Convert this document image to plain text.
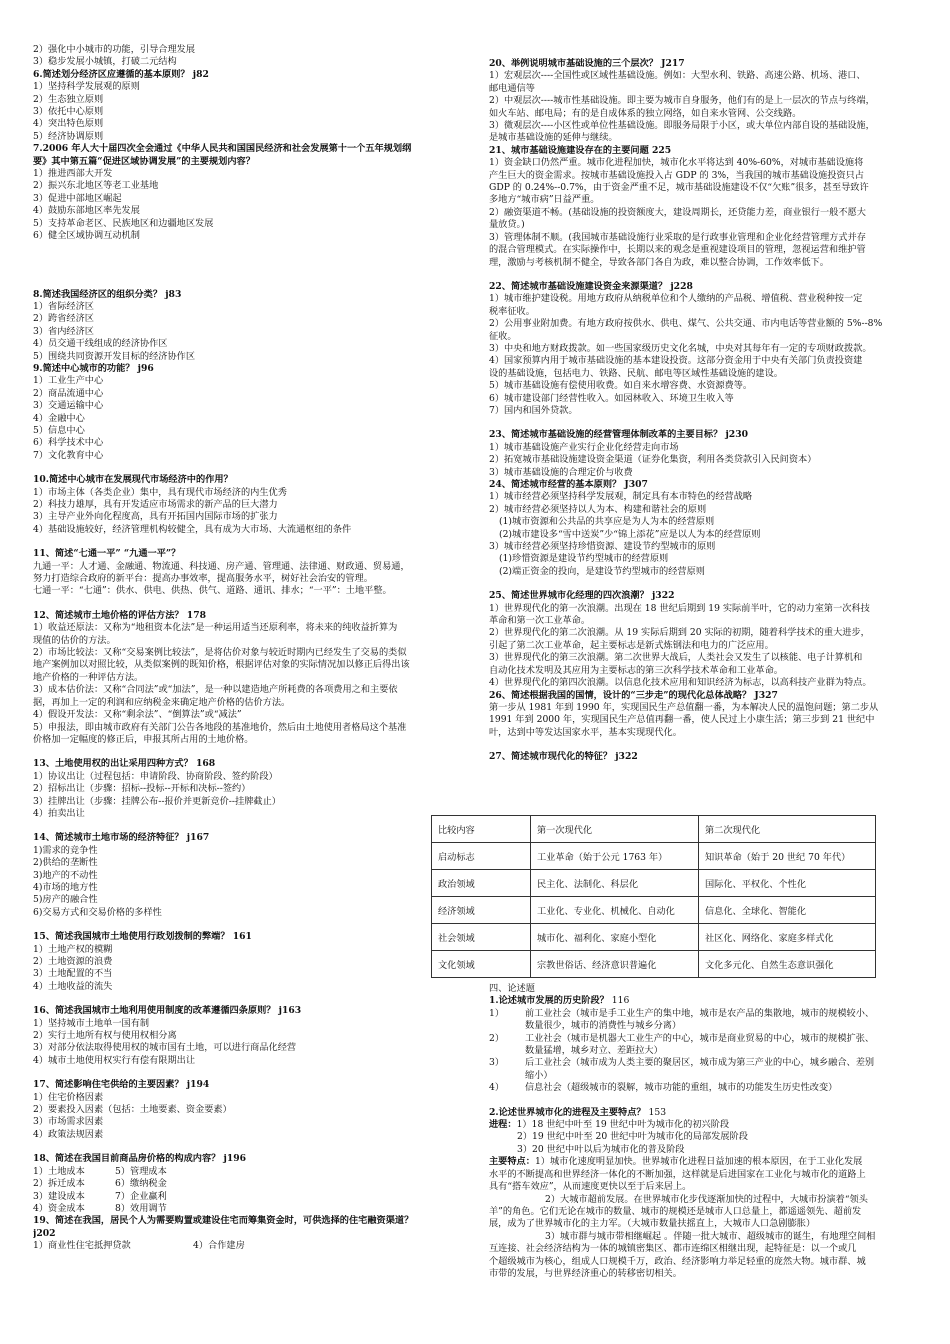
2）强化中小城市的功能，引导合理发展
3）稳步发展小城镇，打破二元结构
6.简述划分经济区应遵循的基本原则？ j82
1）坚持科学发展观的原则
2）生态独立原则
3）依托中心原则
4）突出特色原则
5）经济协调原则
7.2006 年人大十届四次全会通过《中华人民共和国国民经济和社会发展第十一个五年规划纲
要》其中第五篇“促进区域协调发展”的主要规划内容？
1）推进西部大开发
2）振兴东北地区等老工业基地
3）促进中部地区崛起
4）鼓励东部地区率先发展
5）支持革命老区、民族地区和边疆地区发展
6）健全区域协调互动机制
8.简述我国经济区的组织分类？ j83
1）省际经济区
2）跨省经济区
3）省内经济区
4）员交通干线组成的经济协作区
5）围绕共同资源开发目标的经济协作区
9.简述中心城市的功能？ j96
1）工业生产中心
2）商品流通中心
3）交通运输中心
4）金融中心
5）信息中心
6）科学技术中心
7）文化教育中心
10.简述中心城市在发展现代市场经济中的作用？
1）市场主体（各类企业）集中，具有现代市场经济的内生优秀
2）科技力雄厚，具有开发适应市场需求的新产品的巨大潜力
3）主导产业外向化程度高，具有开拓国内国际市场的扩张力
4）基础设施较好，经济管理机构较健全，具有成为大市场、大流通枢纽的条件
11、简述“七通一平” “九通一平”？
九通一平：人才通、金融通、物流通、科技通、房产通、管理通、法律通、财政通、贸易通，
努力打造综合政府的新平台：提高办事效率，提高服务水平，树好社会治安的管理。
七通一平：“七通”：供水、供电、供热、供气、道路、通讯、排水；“一平”：土地平整。
12、简述城市土地价格的评估方法？ 178
1）收益还原法：又称为“地租资本化法”是一种运用适当还原利率，将未来的纯收益折算为
现值的估价的方法。
2）市场比较法：又称“交易案例比较法”，是将估价对象与较近时期内已经发生了交易的类似
地产案例加以对照比较，从类似案例的既知价格，根据评估对象的实际情况加以修正后得出该
地产价格的一种评估方法。
3）成本估价法：又称“合同法”或“加法”，是一种以建造地产所耗费的各项费用之和主要依
据，再加上一定的利润和应纳税金来确定地产价格的估价方法。
4）假设开发法：又称“剩余法”、“倒算法”或“减法”
5）申报法，即由城市政府有关部门公告各地段的基准地价，然后由土地使用者格局这个基准
价格加一定幅度的修正后，申报其所占用的土地价格。
13、土地使用权的出让采用四种方式？ 168
1）协议出让（过程包括：申请阶段、协商阶段、签约阶段）
2）招标出让（步骤：招标--投标--开标和决标--签约）
3）挂牌出让（步骤：挂牌公布--报价并更新竞价--挂牌截止）
4）拍卖出让
14、简述城市土地市场的经济特征？ j167
1)需求的竞争性
2)供给的垄断性
3)地产的不动性
4)市场的地方性
5)房产的融合性
6)交易方式和交易价格的多样性
15、简述我国城市土地使用行政划拨制的弊端？ 161
1）土地产权的模糊
2）土地资源的浪费
3）土地配置的不当
4）土地收益的流失
16、简述我国城市土地利用使用制度的改革遵循四条原则？ j163
1）坚持城市土地单一国有制
2）实行土地所有权与使用权相分离
3）对部分依法取得使用权的城市国有土地，可以进行商品化经营
4）城市土地使用权实行有偿有限期出让
17、简述影响住宅供给的主要因素？ j194
1）住宅价格因素
2）要素投入因素（包括：土地要素、资金要素）
3）市场需求因素
4）政策法规因素
18、简述在我国目前商品房价格的构成内容？ j196
1）土地成本	5）管理成本
2）拆迁成本	6）缴纳税金
3）建设成本	7）企业赢利
4）资金成本	8）效用调节
19、简述在我国，居民个人为需要购置或建设住宅而筹集资金时，可供选择的住宅融资渠道？
j202
1）商业性住宅抵押贷款	4）合作建房
20、举例说明城市基础设施的三个层次？ J217
1）宏观层次----全国性或区域性基础设施。例如：大型水利、铁路、高速公路、机场、港口、
邮电通信等
2）中观层次----城市性基础设施。即主要为城市自身服务，他们有的是上一层次的节点与终端，
如火车站、邮电局；有的是自成体系的独立网络，如自来水管网、公交线路。
3）微观层次----小区性或单位性基础设施。即服务局限于小区，或大单位内部自设的基础设施，
是城市基础设施的延伸与继续。
21、城市基础设施建设存在的主要问题 225
1）资金缺口仍然严重。城市化进程加快，城市化水平将达到 40%-60%，对城市基础设施将
产生巨大的资金需求。按城市基础设施投入占 GDP 的 3%，当我国的城市基础设施投资只占
GDP 的 0.24%--0.7%，由于资金严重不足，城市基础设施建设不仅“欠账”很多，甚至导致许
多地方“城市病”日益严重。
2）融资渠道不畅。(基础设施的投资额度大，建设周期长，还贷能力差，商业银行一般不愿大
量放贷。)
3）管理体制不顺。(我国城市基础设施行业采取的是行政事业管理和企业化经营管理方式并存
的混合管理模式。在实际操作中，长期以来的观念是重视建设项目的管理，忽视运营和维护管
理，激励与考核机制不健全，导致各部门各自为政，难以整合协调，工作效率低下。
22、简述城市基础设施建设资金来源渠道？ j228
1）城市维护建设税。用地方政府从纳税单位和个人缴纳的产品税、增值税、营业税种按一定
税率征收。
2）公用事业附加费。有地方政府按供水、供电、煤气、公共交通、市内电话等营业额的 5%--8%
征收。
3）中央和地方财政拨款。如一些国家级历史文化名城，中央对其每年有一定的专项财政拨款。
4）国家预算内用于城市基础设施的基本建设投资。这部分资金用于中央有关部门负责投资建
设的基础设施，包括电力、铁路、民航、邮电等区域性基础设施的建设。
5）城市基础设施有偿使用收费。如自来水增容费、水资源费等。
6）城市建设部门经营性收入。如园林收入、环境卫生收入等
7）国内和国外贷款。
23、简述城市基础设施的经营管理体制改革的主要目标？ j230
1）城市基础设施产业实行企业化经营走向市场
2）拓宽城市基础设施建设资金渠道（证券化集资，利用各类贷款引入民间资本）
3）城市基础设施的合理定价与收费
24、简述城市经营的基本原则？ J307
1）城市经营必须坚持科学发展观，制定具有本市特色的经营战略
2）城市经营必须坚持以人为本、构建和谐社会的原则
(1)城市资源和公共品的共享应是为人为本的经营原则
(2)城市建设多“雪中送炭”少“锦上添花”应是以人为本的经营原则
3）城市经营必须坚持珍惜资源、建设节约型城市的原则
(1)珍惜资源是建设节约型城市的经营原则
(2)端正资金的投向，是建设节约型城市的经营原则
25、简述世界城市化经理的四次浪潮？ j322
1）世界现代化的第一次浪潮。出现在 18 世纪后期到 19 实际前半叶，它的动力室第一次科技
革命和第一次工业革命。
2）世界现代化的第二次浪潮。从 19 实际后期到 20 实际的初期，随着科学技术的重大进步，
引起了第二次工业革命，起主要标志是新式炼钢法和电力的广泛应用。
3）世界现代化的第三次浪潮。第二次世界大战后，人类社会又发生了以核能、电子计算机和
自动化技术发明及其应用为主要标志的第三次科学技术革命和工业革命。
4）世界现代化的第四次浪潮。以信息化技术应用和知识经济为标志，以高科技产业群为特点。
26、简述根据我国的国情，设计的“三步走”的现代化总体战略？ J327
第一步从 1981 年到 1990 年，实现国民生产总值翻一番，为本解决人民的温饱问题；第二步从
1991 年到 2000 年，实现国民生产总值再翻一番，使人民过上小康生活；第三步到 21 世纪中
叶，达到中等发达国家水平，基本实现现代化。
27、简述城市现代化的特征？ j322
比较内容	第一次现代化	第二次现代化
启动标志	工业革命（始于公元 1763 年）	知识革命（始于 20 世纪 70 年代）
政治领域	民主化、法制化、科层化	国际化、平权化、个性化
经济领域	工业化、专业化、机械化、自动化	信息化、全球化、智能化
社会领域	城市化、福利化、家庭小型化	社区化、网络化、家庭多样式化
文化领域	宗教世俗话、经济意识普遍化	文化多元化、自然生态意识强化
四、论述题
1.论述城市发展的历史阶段？ 116
1）	前工业社会（城市是手工业生产的集中地，城市是农产品的集散地，城市的规模较小、
数量很少，城市的消费性与城乡分离）
2）	工业社会（城市是机器大工业生产的中心，城市是商业贸易的中心，城市的规模扩张、
数量猛增，城乡对立、差距拉大）
3）	后工业社会（城市成为人类主要的聚居区，城市成为第三产业的中心，城乡融合、差别
缩小）
4）	信息社会（超级城市的裂解，城市功能的重组，城市的功能发生历史性改变）
2.论述世界城市化的进程及主要特点？ 153
进程：1）18 世纪中叶至 19 世纪中叶为城市化的初兴阶段
2）19 世纪中叶至 20 世纪中叶为城市化的局部发展阶段
3）20 世纪中叶以后为城市化的普及阶段
主要特点：1）城市化速度明显加快。世界城市化进程日益加速的根本原因，在于工业化发展
水平的不断提高和世界经济一体化的不断加强，这样就是后进国家在工业化与城市化的道路上
具有“搭车效应”，从而速度更快以至于后来居上。
2）大城市超前发展。在世界城市化步伐逐渐加快的过程中，大城市扮演着“领头
羊”的角色。它们无论在城市的数量、城市的规模还是城市人口总量上，都遥遥领先、超前发
展，成为了世界城市化的主力军。（大城市数量扶摇直上，大城市人口急剧膨胀）
3）城市群与城市带相继崛起 。伴随一批大城市、超级城市的诞生，有地理空间相
互连接、社会经济结构为一体的城镇密集区、都市连绵区相继出现，起特征是：以一个或几
个超级城市为核心，组成人口规模千万，政治、经济影响力举足轻重的庞然大物。城市群、城
市带的发展，与世界经济重心的转移密切相关。
